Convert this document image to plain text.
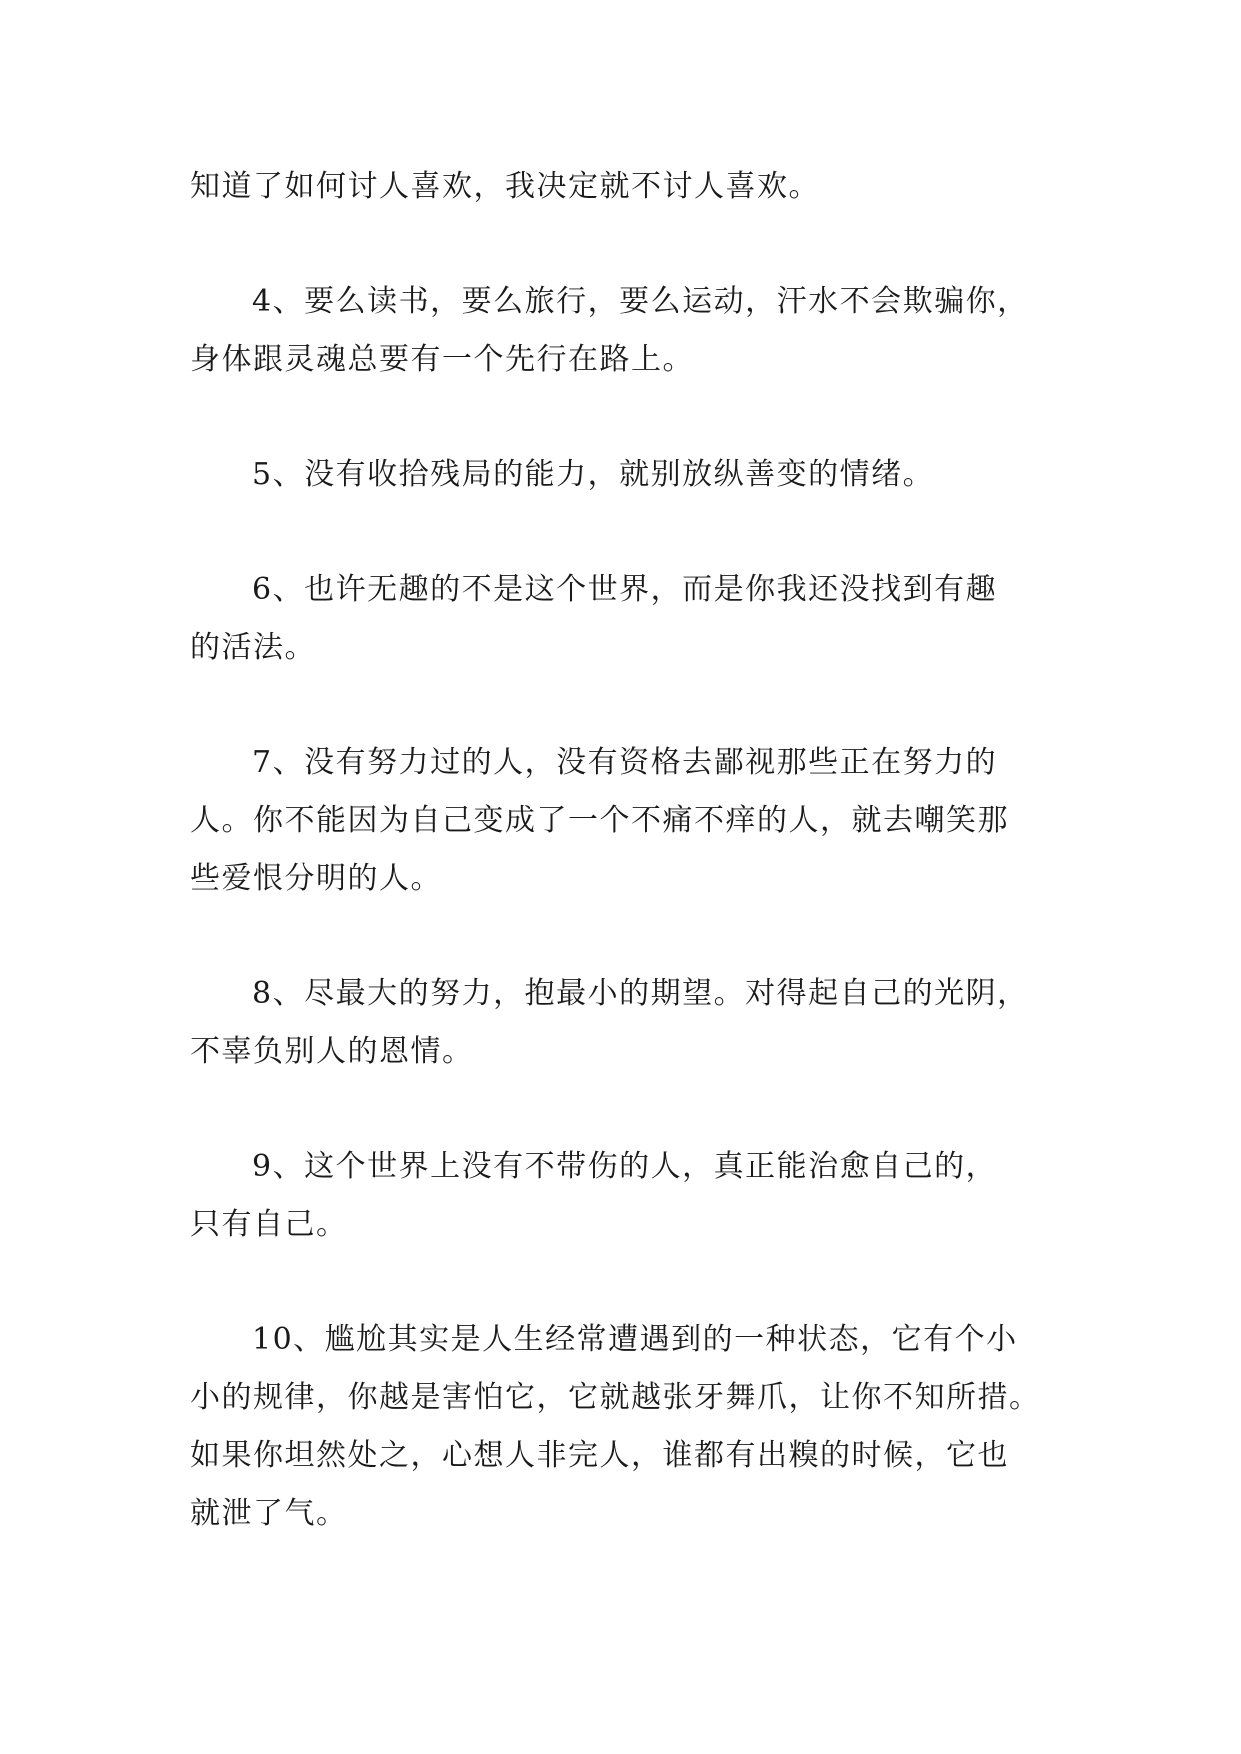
知道了如何讨人喜欢，我决定就不讨人喜欢。

4、要么读书，要么旅行，要么运动，汗水不会欺骗你，
身体跟灵魂总要有一个先行在路上。

5、没有收拾残局的能力，就别放纵善变的情绪。

6、也许无趣的不是这个世界，而是你我还没找到有趣
的活法。

7、没有努力过的人，没有资格去鄙视那些正在努力的
人。你不能因为自己变成了一个不痛不痒的人，就去嘲笑那
些爱恨分明的人。

8、尽最大的努力，抱最小的期望。对得起自己的光阴，
不辜负别人的恩情。

9、这个世界上没有不带伤的人，真正能治愈自己的，
只有自己。

10、尴尬其实是人生经常遭遇到的一种状态，它有个小
小的规律，你越是害怕它，它就越张牙舞爪，让你不知所措。
如果你坦然处之，心想人非完人，谁都有出糗的时候，它也
就泄了气。
